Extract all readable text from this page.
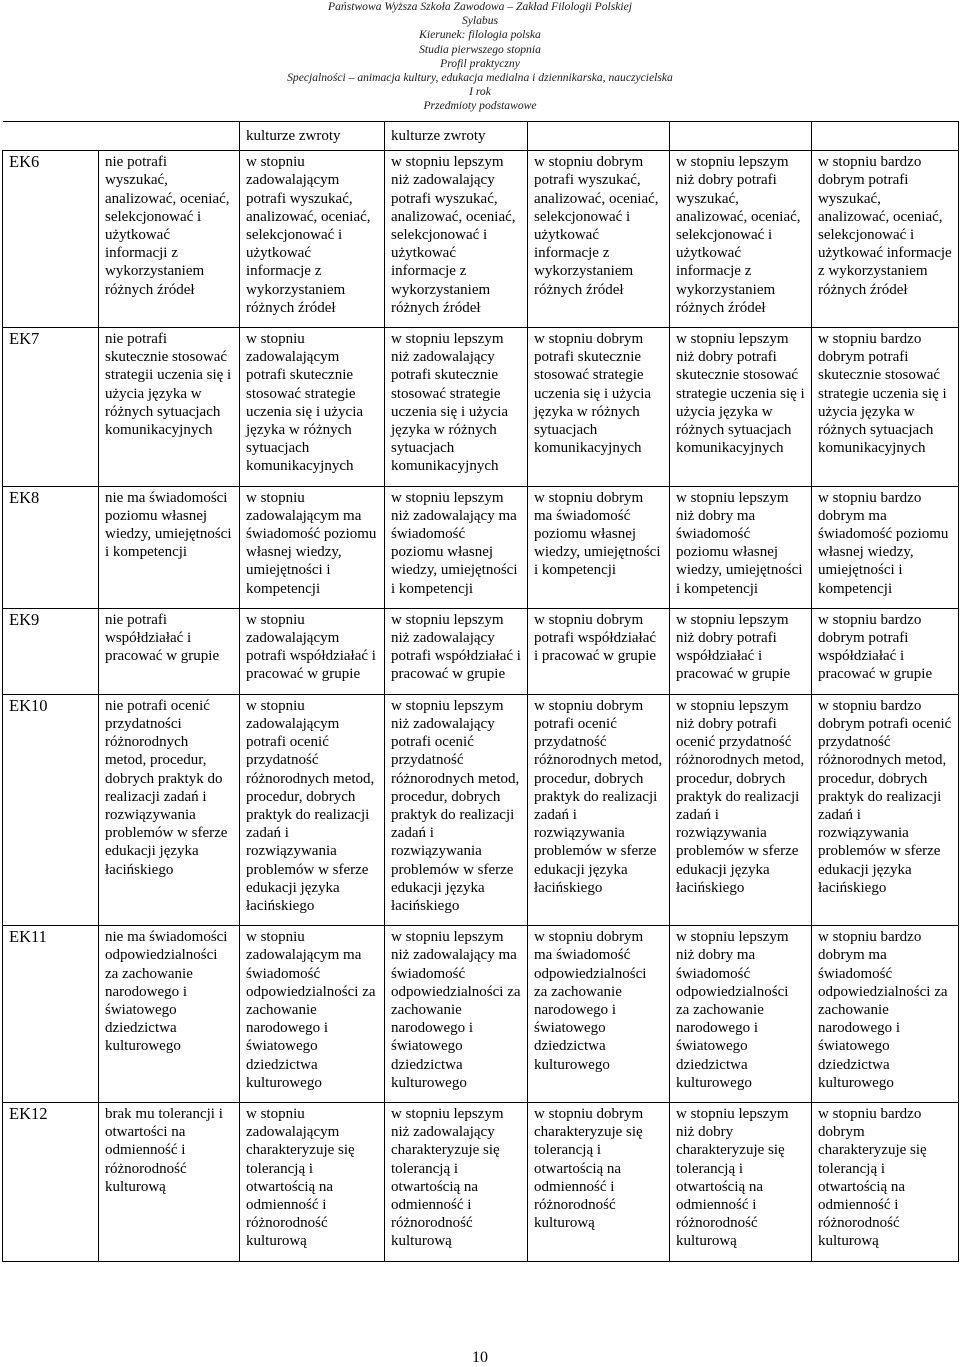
Państwowa Wyższa Szkoła Zawodowa – Zakład Filologii Polskiej
Sylabus
Kierunek: filologia polska
Studia pierwszego stopnia
Profil praktyczny
Specjalności – animacja kultury, edukacja medialna i dziennikarska, nauczycielska
I rok
Przedmioty podstawowe
		kulturze zwroty	kulturze zwroty			
EK6	nie potrafi wyszukać, analizować, oceniać, selekcjonować i użytkować informacji z wykorzystaniem różnych źródeł	w stopniu zadowalającym potrafi wyszukać, analizować, oceniać, selekcjonować i użytkować informacje z wykorzystaniem różnych źródeł	w stopniu lepszym niż zadowalający potrafi wyszukać, analizować, oceniać, selekcjonować i użytkować informacje z wykorzystaniem różnych źródeł	w stopniu dobrym potrafi wyszukać, analizować, oceniać, selekcjonować i użytkować informacje z wykorzystaniem różnych źródeł	w stopniu lepszym niż dobry potrafi wyszukać, analizować, oceniać, selekcjonować i użytkować informacje z wykorzystaniem różnych źródeł	w stopniu bardzo dobrym potrafi wyszukać, analizować, oceniać, selekcjonować i użytkować informacje z wykorzystaniem różnych źródeł
EK7	nie potrafi skutecznie stosować strategii uczenia się i użycia języka w różnych sytuacjach komunikacyjnych	w stopniu zadowalającym potrafi skutecznie stosować strategie uczenia się i użycia języka w różnych sytuacjach komunikacyjnych	w stopniu lepszym niż zadowalający potrafi skutecznie stosować strategie uczenia się i użycia języka w różnych sytuacjach komunikacyjnych	w stopniu dobrym potrafi skutecznie stosować strategie uczenia się i użycia języka w różnych sytuacjach komunikacyjnych	w stopniu lepszym niż dobry potrafi skutecznie stosować strategie uczenia się i użycia języka w różnych sytuacjach komunikacyjnych	w stopniu bardzo dobrym potrafi skutecznie stosować strategie uczenia się i użycia języka w różnych sytuacjach komunikacyjnych
EK8	nie ma świadomości poziomu własnej wiedzy, umiejętności i kompetencji	w stopniu zadowalającym ma świadomość poziomu własnej wiedzy, umiejętności i kompetencji	w stopniu lepszym niż zadowalający ma świadomość poziomu własnej wiedzy, umiejętności i kompetencji	w stopniu dobrym ma świadomość poziomu własnej wiedzy, umiejętności i kompetencji	w stopniu lepszym niż dobry ma świadomość poziomu własnej wiedzy, umiejętności i kompetencji	w stopniu bardzo dobrym ma świadomość poziomu własnej wiedzy, umiejętności i kompetencji
EK9	nie potrafi współdziałać i pracować w grupie	w stopniu zadowalającym potrafi współdziałać i pracować w grupie	w stopniu lepszym niż zadowalający potrafi współdziałać i pracować w grupie	w stopniu dobrym potrafi współdziałać i pracować w grupie	w stopniu lepszym niż dobry potrafi współdziałać i pracować w grupie	w stopniu bardzo dobrym potrafi współdziałać i pracować w grupie
EK10	nie potrafi ocenić przydatności różnorodnych metod, procedur, dobrych praktyk do realizacji zadań i rozwiązywania problemów w sferze edukacji języka łacińskiego	w stopniu zadowalającym potrafi ocenić przydatność różnorodnych metod, procedur, dobrych praktyk do realizacji zadań i rozwiązywania problemów w sferze edukacji języka łacińskiego	w stopniu lepszym niż zadowalający potrafi ocenić przydatność różnorodnych metod, procedur, dobrych praktyk do realizacji zadań i rozwiązywania problemów w sferze edukacji języka łacińskiego	w stopniu dobrym potrafi ocenić przydatność różnorodnych metod, procedur, dobrych praktyk do realizacji zadań i rozwiązywania problemów w sferze edukacji języka łacińskiego	w stopniu lepszym niż dobry potrafi ocenić przydatność różnorodnych metod, procedur, dobrych praktyk do realizacji zadań i rozwiązywania problemów w sferze edukacji języka łacińskiego	w stopniu bardzo dobrym potrafi ocenić przydatność różnorodnych metod, procedur, dobrych praktyk do realizacji zadań i rozwiązywania problemów w sferze edukacji języka łacińskiego
EK11	nie ma świadomości odpowiedzialności za zachowanie narodowego i światowego dziedzictwa kulturowego	w stopniu zadowalającym ma świadomość odpowiedzialności za zachowanie narodowego i światowego dziedzictwa kulturowego	w stopniu lepszym niż zadowalający ma świadomość odpowiedzialności za zachowanie narodowego i światowego dziedzictwa kulturowego	w stopniu dobrym ma świadomość odpowiedzialności za zachowanie narodowego i światowego dziedzictwa kulturowego	w stopniu lepszym niż dobry ma świadomość odpowiedzialności za zachowanie narodowego i światowego dziedzictwa kulturowego	w stopniu bardzo dobrym ma świadomość odpowiedzialności za zachowanie narodowego i światowego dziedzictwa kulturowego
EK12	brak mu tolerancji i otwartości na odmienność i różnorodność kulturową	w stopniu zadowalającym charakteryzuje się tolerancją i otwartością na odmienność i różnorodność kulturową	w stopniu lepszym niż zadowalający charakteryzuje się tolerancją i otwartością na odmienność i różnorodność kulturową	w stopniu dobrym charakteryzuje się tolerancją i otwartością na odmienność i różnorodność kulturową	w stopniu lepszym niż dobry charakteryzuje się tolerancją i otwartością na odmienność i różnorodność kulturową	w stopniu bardzo dobrym charakteryzuje się tolerancją i otwartością na odmienność i różnorodność kulturową
10
